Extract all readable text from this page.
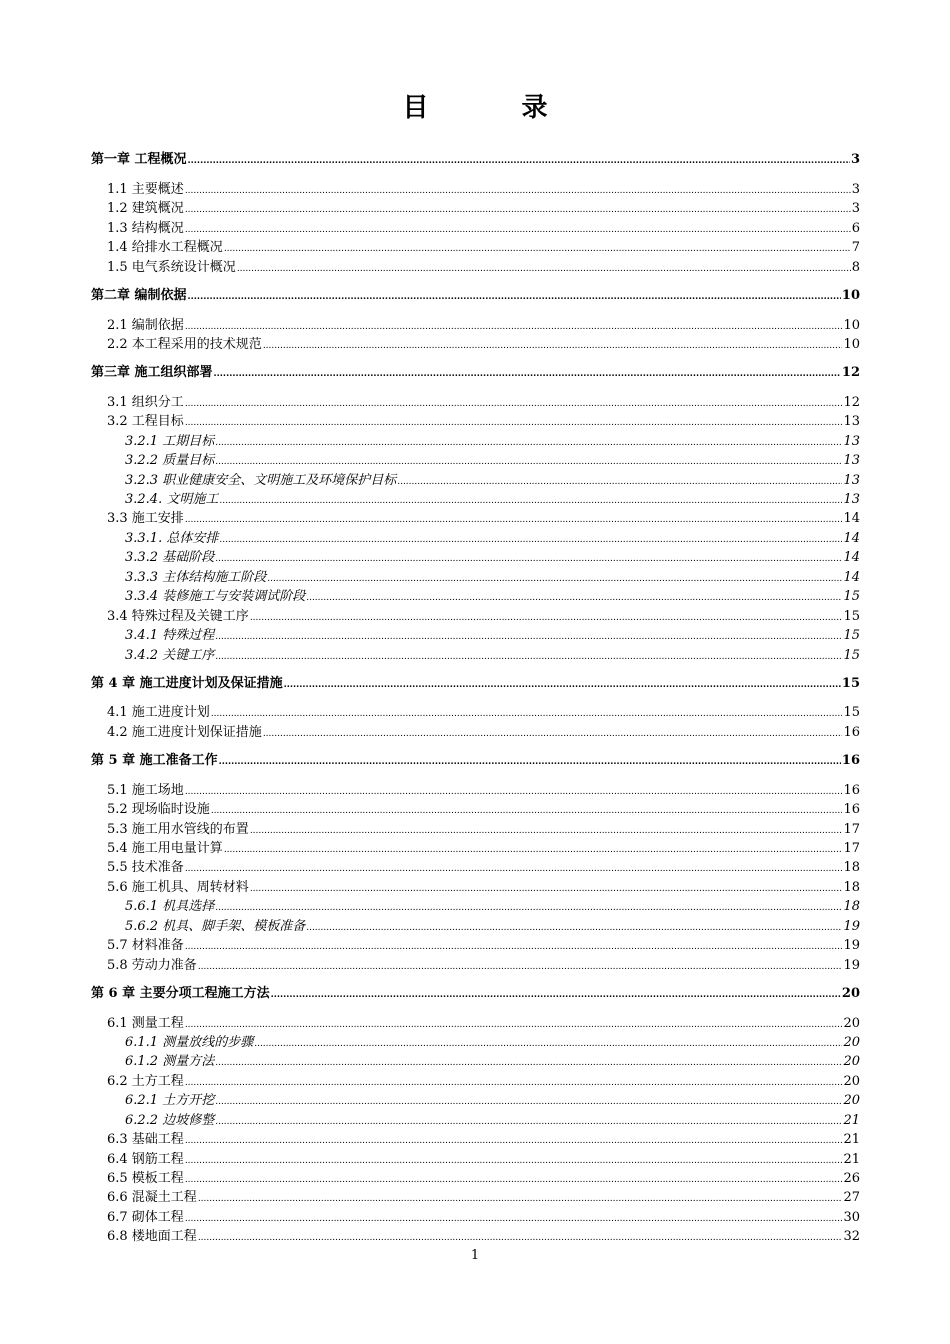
目 录
第一章 工程概况 .....	3
1.1 主要概述 .....	3
1.2 建筑概况 .....	3
1.3 结构概况 .....	6
1.4 给排水工程概况 .....	7
1.5 电气系统设计概况 .....	8
第二章 编制依据 .....	10
2.1 编制依据 .....	10
2.2 本工程采用的技术规范 .....	10
第三章 施工组织部署 .....	12
3.1 组织分工 .....	12
3.2 工程目标 .....	13
3.2.1 工期目标 .....	13
3.2.2 质量目标 .....	13
3.2.3 职业健康安全、文明施工及环境保护目标 .....	13
3.2.4. 文明施工 .....	13
3.3 施工安排 .....	14
3.3.1. 总体安排 .....	14
3.3.2 基础阶段 .....	14
3.3.3 主体结构施工阶段 .....	14
3.3.4 装修施工与安装调试阶段 .....	15
3.4 特殊过程及关键工序 .....	15
3.4.1 特殊过程 .....	15
3.4.2 关键工序 .....	15
第 4 章 施工进度计划及保证措施 .....	15
4.1 施工进度计划 .....	15
4.2 施工进度计划保证措施 .....	16
第 5 章 施工准备工作 .....	16
5.1 施工场地 .....	16
5.2 现场临时设施 .....	16
5.3 施工用水管线的布置 .....	17
5.4 施工用电量计算 .....	17
5.5 技术准备 .....	18
5.6 施工机具、周转材料 .....	18
5.6.1 机具选择 .....	18
5.6.2 机具、脚手架、模板准备 .....	19
5.7 材料准备 .....	19
5.8 劳动力准备 .....	19
第 6 章 主要分项工程施工方法 .....	20
6.1 测量工程 .....	20
6.1.1 测量放线的步骤 .....	20
6.1.2 测量方法 .....	20
6.2 土方工程 .....	20
6.2.1 土方开挖 .....	20
6.2.2 边坡修整 .....	21
6.3 基础工程 .....	21
6.4 钢筋工程 .....	21
6.5 模板工程 .....	26
6.6 混凝土工程 .....	27
6.7 砌体工程 .....	30
6.8 楼地面工程 .....	32
1
